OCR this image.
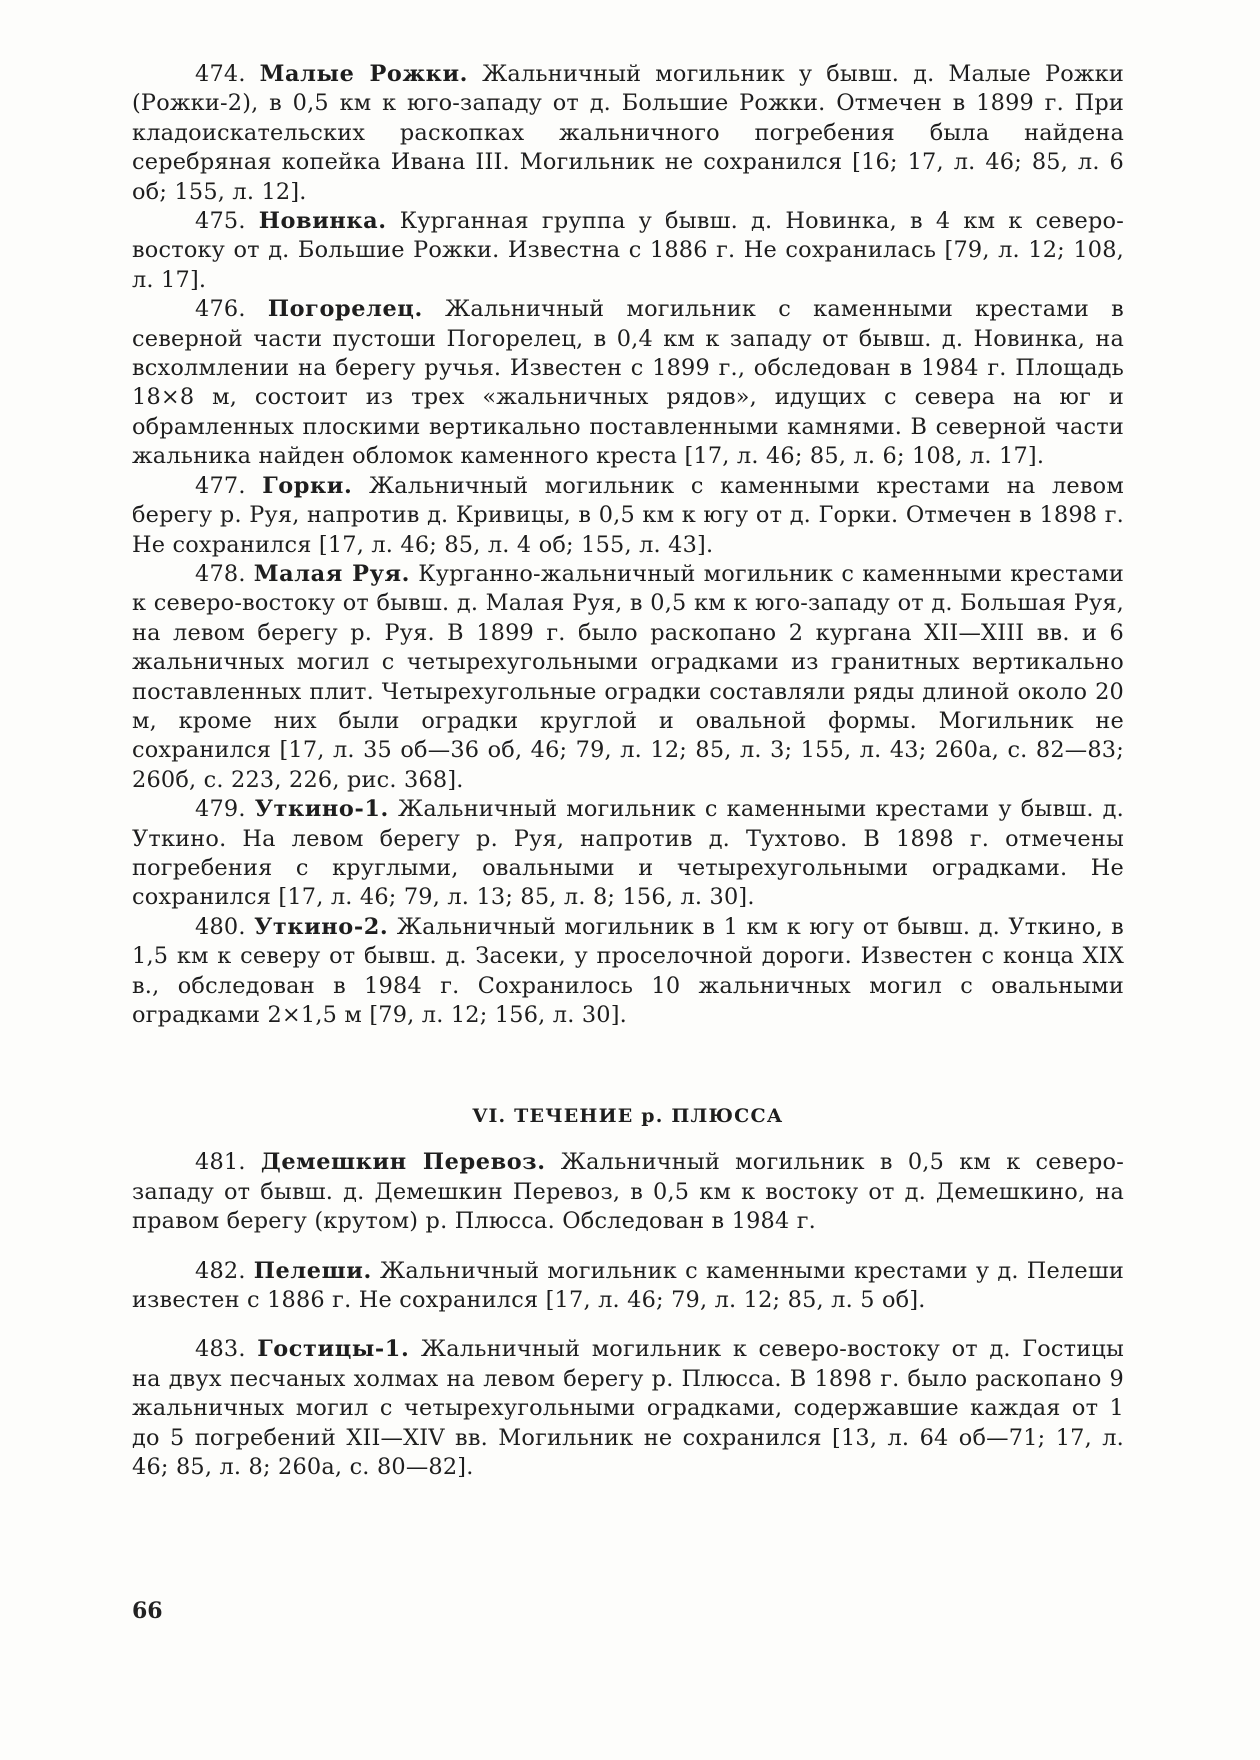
474. Малые Рожки. Жальничный могильник у бывш. д. Малые Рожки (Рожки-2), в 0,5 км к юго-западу от д. Большие Рожки. Отмечен в 1899 г. При кладоискательских раскопках жальничного погребения была найдена серебряная копейка Ивана III. Могильник не сохранился [16; 17, л. 46; 85, л. 6 об; 155, л. 12].

475. Новинка. Курганная группа у бывш. д. Новинка, в 4 км к северо-востоку от д. Большие Рожки. Известна с 1886 г. Не сохранилась [79, л. 12; 108, л. 17].

476. Погорелец. Жальничный могильник с каменными крестами в северной части пустоши Погорелец, в 0,4 км к западу от бывш. д. Новинка, на всхолмлении на берегу ручья. Известен с 1899 г., обследован в 1984 г. Площадь 18×8 м, состоит из трех «жальничных рядов», идущих с севера на юг и обрамленных плоскими вертикально поставленными камнями. В северной части жальника найден обломок каменного креста [17, л. 46; 85, л. 6; 108, л. 17].

477. Горки. Жальничный могильник с каменными крестами на левом берегу р. Руя, напротив д. Кривицы, в 0,5 км к югу от д. Горки. Отмечен в 1898 г. Не сохранился [17, л. 46; 85, л. 4 об; 155, л. 43].

478. Малая Руя. Курганно-жальничный могильник с каменными крестами к северо-востоку от бывш. д. Малая Руя, в 0,5 км к юго-западу от д. Большая Руя, на левом берегу р. Руя. В 1899 г. было раскопано 2 кургана XII—XIII вв. и 6 жальничных могил с четырехугольными оградками из гранитных вертикально поставленных плит. Четырехугольные оградки составляли ряды длиной около 20 м, кроме них были оградки круглой и овальной формы. Могильник не сохранился [17, л. 35 об—36 об, 46; 79, л. 12; 85, л. 3; 155, л. 43; 260а, с. 82—83; 260б, с. 223, 226, рис. 368].

479. Уткино-1. Жальничный могильник с каменными крестами у бывш. д. Уткино. На левом берегу р. Руя, напротив д. Тухтово. В 1898 г. отмечены погребения с круглыми, овальными и четырехугольными оградками. Не сохранился [17, л. 46; 79, л. 13; 85, л. 8; 156, л. 30].

480. Уткино-2. Жальничный могильник в 1 км к югу от бывш. д. Уткино, в 1,5 км к северу от бывш. д. Засеки, у проселочной дороги. Известен с конца XIX в., обследован в 1984 г. Сохранилось 10 жальничных могил с овальными оградками 2×1,5 м [79, л. 12; 156, л. 30].

VI. ТЕЧЕНИЕ р. ПЛЮССА

481. Демешкин Перевоз. Жальничный могильник в 0,5 км к северо-западу от бывш. д. Демешкин Перевоз, в 0,5 км к востоку от д. Демешкино, на правом берегу (крутом) р. Плюсса. Обследован в 1984 г.

482. Пелеши. Жальничный могильник с каменными крестами у д. Пелеши известен с 1886 г. Не сохранился [17, л. 46; 79, л. 12; 85, л. 5 об].

483. Гостицы-1. Жальничный могильник к северо-востоку от д. Гостицы на двух песчаных холмах на левом берегу р. Плюсса. В 1898 г. было раскопано 9 жальничных могил с четырехугольными оградками, содержавшие каждая от 1 до 5 погребений XII—XIV вв. Могильник не сохранился [13, л. 64 об—71; 17, л. 46; 85, л. 8; 260а, с. 80—82].

66
